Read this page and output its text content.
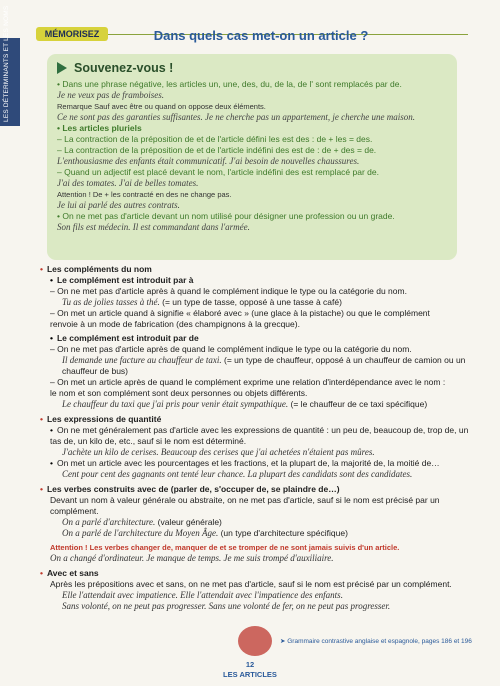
LES DÉTERMINANTS ET LES NOMS	MÉMORISEZ	Dans quels cas met-on un article ?
Souvenez-vous !

• Dans une phrase négative, les articles un, une, des, du, de la, de l' sont remplacés par de.

Je ne veux pas de framboises.

Remarque Sauf avec être ou quand on oppose deux éléments.

Ce ne sont pas des garanties suffisantes. Je ne cherche pas un appartement, je cherche une maison.

• Les articles pluriels

– La contraction de la préposition de et de l'article défini les est des : de + les = des.

– La contraction de la préposition de et de l'article indéfini des est de : de + des = de.

L'enthousiasme des enfants était communicatif. J'ai besoin de nouvelles chaussures.

– Quand un adjectif est placé devant le nom, l'article indéfini des est remplacé par de.

J'ai des tomates. J'ai de belles tomates.

Attention ! De + les contracté en des ne change pas.

Je lui ai parlé des autres contrats.

• On ne met pas d'article devant un nom utilisé pour désigner une profession ou un grade.

Son fils est médecin. Il est commandant dans l'armée.

• Les compléments du nom

• Le complément est introduit par à

– On ne met pas d'article après à quand le complément indique le type ou la catégorie du nom.

Tu as de jolies tasses à thé. (= un type de tasse, opposé à une tasse à café)

– On met un article quand à signifie « élaboré avec » (une glace à la pistache) ou que le complément

renvoie à un mode de fabrication (des champignons à la grecque).

• Le complément est introduit par de

– On ne met pas d'article après de quand le complément indique le type ou la catégorie du nom.

Il demande une facture au chauffeur de taxi. (= un type de chauffeur, opposé à un chauffeur de camion ou un chauffeur de bus)

– On met un article après de quand le complément exprime une relation d'interdépendance avec le nom :

le nom et son complément sont deux personnes ou objets différents.

Le chauffeur du taxi que j'ai pris pour venir était sympathique. (= le chauffeur de ce taxi spécifique)

• Les expressions de quantité

• On ne met généralement pas d'article avec les expressions de quantité : un peu de, beaucoup de, trop de, un tas de, un kilo de, etc., sauf si le nom est déterminé.

J'achète un kilo de cerises. Beaucoup des cerises que j'ai achetées n'étaient pas mûres.

• On met un article avec les pourcentages et les fractions, et la plupart de, la majorité de, la moitié de…

Cent pour cent des gagnants ont tenté leur chance. La plupart des candidats sont des candidates.

• Les verbes construits avec de (parler de, s'occuper de, se plaindre de…)

Devant un nom à valeur générale ou abstraite, on ne met pas d'article, sauf si le nom est précisé par un complément.

On a parlé d'architecture. (valeur générale)

On a parlé de l'architecture du Moyen Âge. (un type d'architecture spécifique)

Attention ! Les verbes changer de, manquer de et se tromper de ne sont jamais suivis d'un article.

On a changé d'ordinateur. Je manque de temps. Je me suis trompé d'auxiliaire.

• Avec et sans

Après les prépositions avec et sans, on ne met pas d'article, sauf si le nom est précisé par un complément.

Elle l'attendait avec impatience. Elle l'attendait avec l'impatience des enfants.

Sans volonté, on ne peut pas progresser. Sans une volonté de fer, on ne peut pas progresser.

➤ Grammaire contrastive anglaise et espagnole, pages 186 et 196
12
LES ARTICLES
